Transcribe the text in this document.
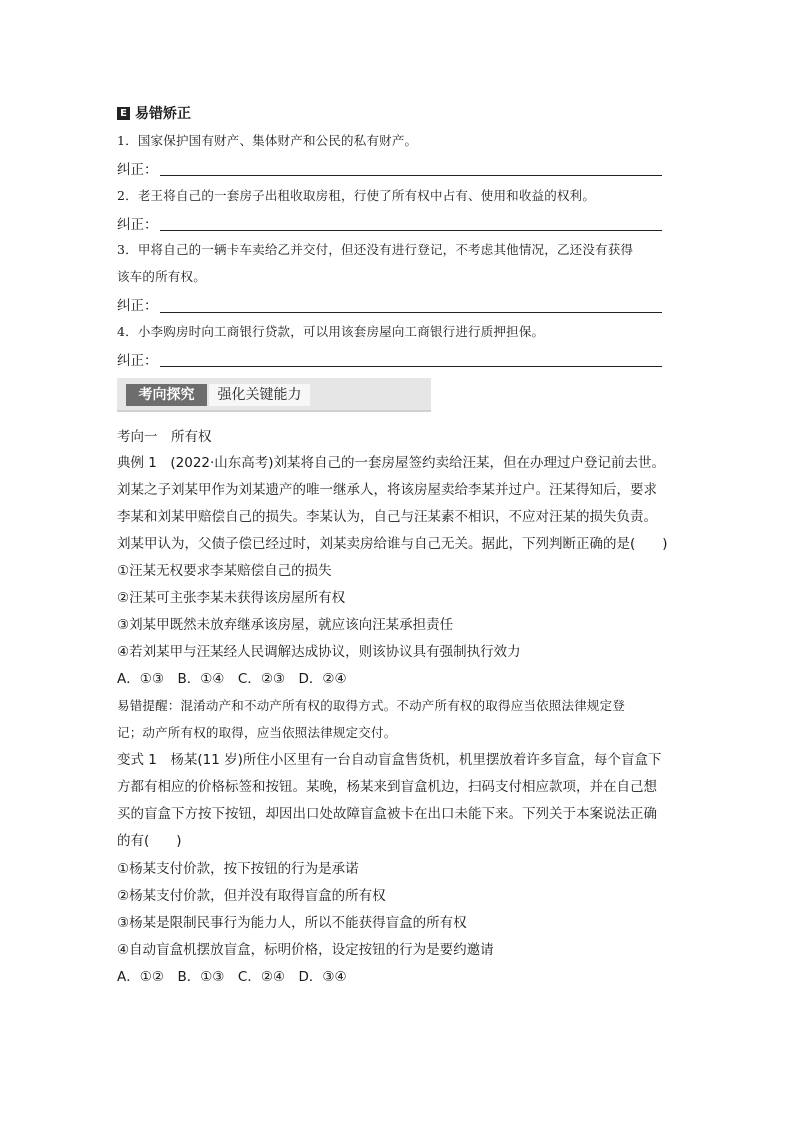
E 易错矫正
1．国家保护国有财产、集体财产和公民的私有财产。
纠正：
2．老王将自己的一套房子出租收取房租，行使了所有权中占有、使用和收益的权利。
纠正：
3．甲将自己的一辆卡车卖给乙并交付，但还没有进行登记，不考虑其他情况，乙还没有获得
该车的所有权。
纠正：
4．小李购房时向工商银行贷款，可以用该套房屋向工商银行进行质押担保。
纠正：
考向探究	强化关键能力
考向一　所有权
典例 1　(2022·山东高考)刘某将自己的一套房屋签约卖给汪某，但在办理过户登记前去世。
刘某之子刘某甲作为刘某遗产的唯一继承人，将该房屋卖给李某并过户。汪某得知后，要求
李某和刘某甲赔偿自己的损失。李某认为，自己与汪某素不相识，不应对汪某的损失负责。
刘某甲认为，父债子偿已经过时，刘某卖房给谁与自己无关。据此，下列判断正确的是(　　)
①汪某无权要求李某赔偿自己的损失
②汪某可主张李某未获得该房屋所有权
③刘某甲既然未放弃继承该房屋，就应该向汪某承担责任
④若刘某甲与汪某经人民调解达成协议，则该协议具有强制执行效力
A．①③　B．①④　C．②③　D．②④
易错提醒：混淆动产和不动产所有权的取得方式。不动产所有权的取得应当依照法律规定登
记；动产所有权的取得，应当依照法律规定交付。
变式 1　杨某(11 岁)所住小区里有一台自动盲盒售货机，机里摆放着许多盲盒，每个盲盒下
方都有相应的价格标签和按钮。某晚，杨某来到盲盒机边，扫码支付相应款项，并在自己想
买的盲盒下方按下按钮，却因出口处故障盲盒被卡在出口未能下来。下列关于本案说法正确
的有(　　)
①杨某支付价款，按下按钮的行为是承诺
②杨某支付价款，但并没有取得盲盒的所有权
③杨某是限制民事行为能力人，所以不能获得盲盒的所有权
④自动盲盒机摆放盲盒，标明价格，设定按钮的行为是要约邀请
A．①②　B．①③　C．②④　D．③④
